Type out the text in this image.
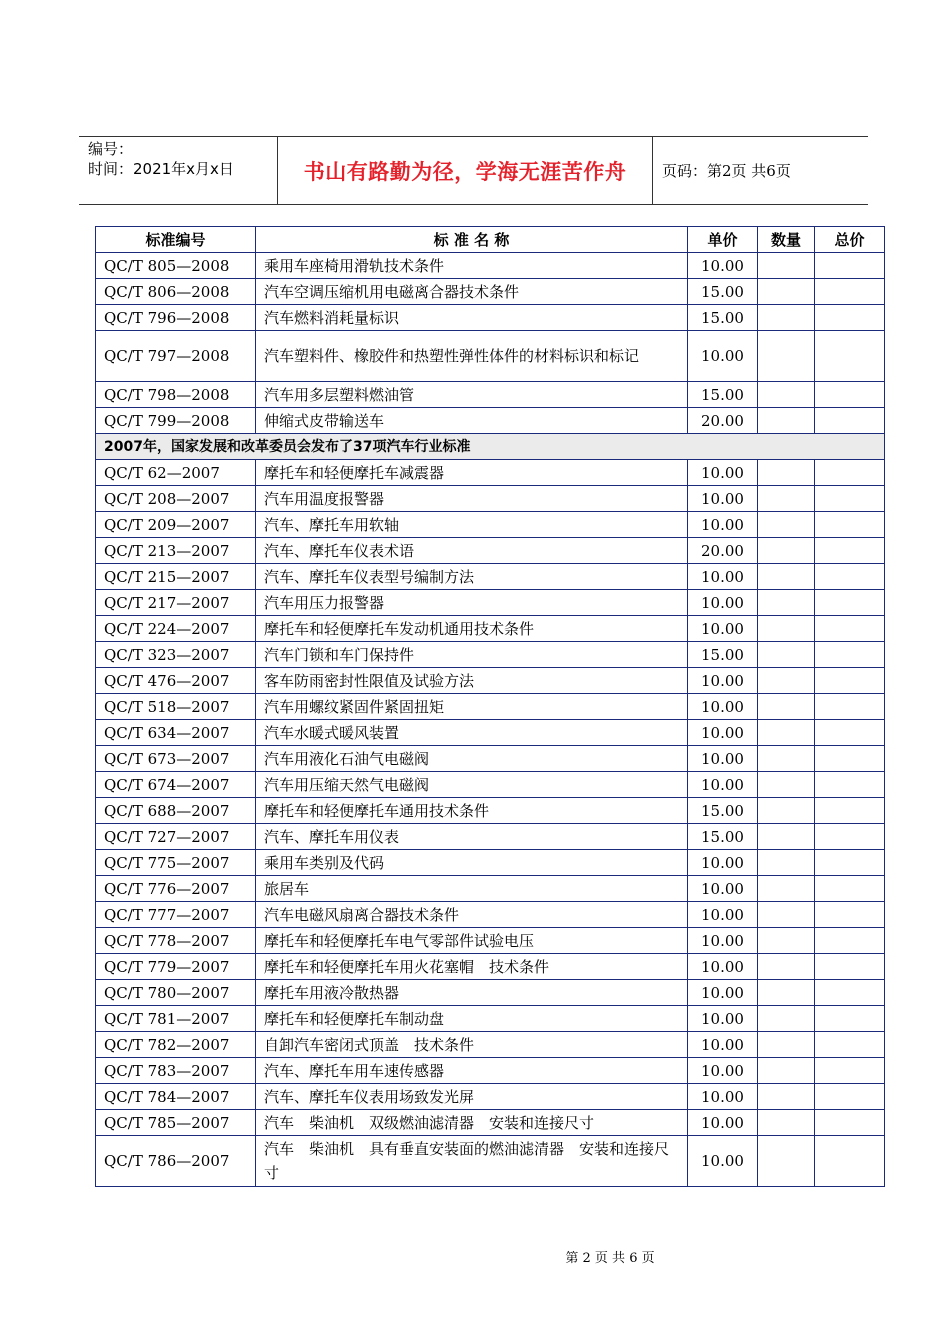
编号：
时间：2021年x月x日	书山有路勤为径，学海无涯苦作舟	页码：第2页 共6页
标准编号	标 准 名 称	单价	数量	总价
QC/T 805—2008	乘用车座椅用滑轨技术条件	10.00		
QC/T 806—2008	汽车空调压缩机用电磁离合器技术条件	15.00		
QC/T 796—2008	汽车燃料消耗量标识	15.00		
QC/T 797—2008	汽车塑料件、橡胶件和热塑性弹性体件的材料标识和标记	10.00		
QC/T 798—2008	汽车用多层塑料燃油管	15.00		
QC/T 799—2008	伸缩式皮带输送车	20.00		
2007年，国家发展和改革委员会发布了37项汽车行业标准				
QC/T 62—2007	摩托车和轻便摩托车减震器	10.00		
QC/T 208—2007	汽车用温度报警器	10.00		
QC/T 209—2007	汽车、摩托车用软轴	10.00		
QC/T 213—2007	汽车、摩托车仪表术语	20.00		
QC/T 215—2007	汽车、摩托车仪表型号编制方法	10.00		
QC/T 217—2007	汽车用压力报警器	10.00		
QC/T 224—2007	摩托车和轻便摩托车发动机通用技术条件	10.00		
QC/T 323—2007	汽车门锁和车门保持件	15.00		
QC/T 476—2007	客车防雨密封性限值及试验方法	10.00		
QC/T 518—2007	汽车用螺纹紧固件紧固扭矩	10.00		
QC/T 634—2007	汽车水暖式暖风装置	10.00		
QC/T 673—2007	汽车用液化石油气电磁阀	10.00		
QC/T 674—2007	汽车用压缩天然气电磁阀	10.00		
QC/T 688—2007	摩托车和轻便摩托车通用技术条件	15.00		
QC/T 727—2007	汽车、摩托车用仪表	15.00		
QC/T 775—2007	乘用车类别及代码	10.00		
QC/T 776—2007	旅居车	10.00		
QC/T 777—2007	汽车电磁风扇离合器技术条件	10.00		
QC/T 778—2007	摩托车和轻便摩托车电气零部件试验电压	10.00		
QC/T 779—2007	摩托车和轻便摩托车用火花塞帽　技术条件	10.00		
QC/T 780—2007	摩托车用液冷散热器	10.00		
QC/T 781—2007	摩托车和轻便摩托车制动盘	10.00		
QC/T 782—2007	自卸汽车密闭式顶盖　技术条件	10.00		
QC/T 783—2007	汽车、摩托车用车速传感器	10.00		
QC/T 784—2007	汽车、摩托车仪表用场致发光屏	10.00		
QC/T 785—2007	汽车　柴油机　双级燃油滤清器　安装和连接尺寸	10.00		
QC/T 786—2007	汽车　柴油机　具有垂直安装面的燃油滤清器　安装和连接尺寸	10.00		
第 2 页 共 6 页
